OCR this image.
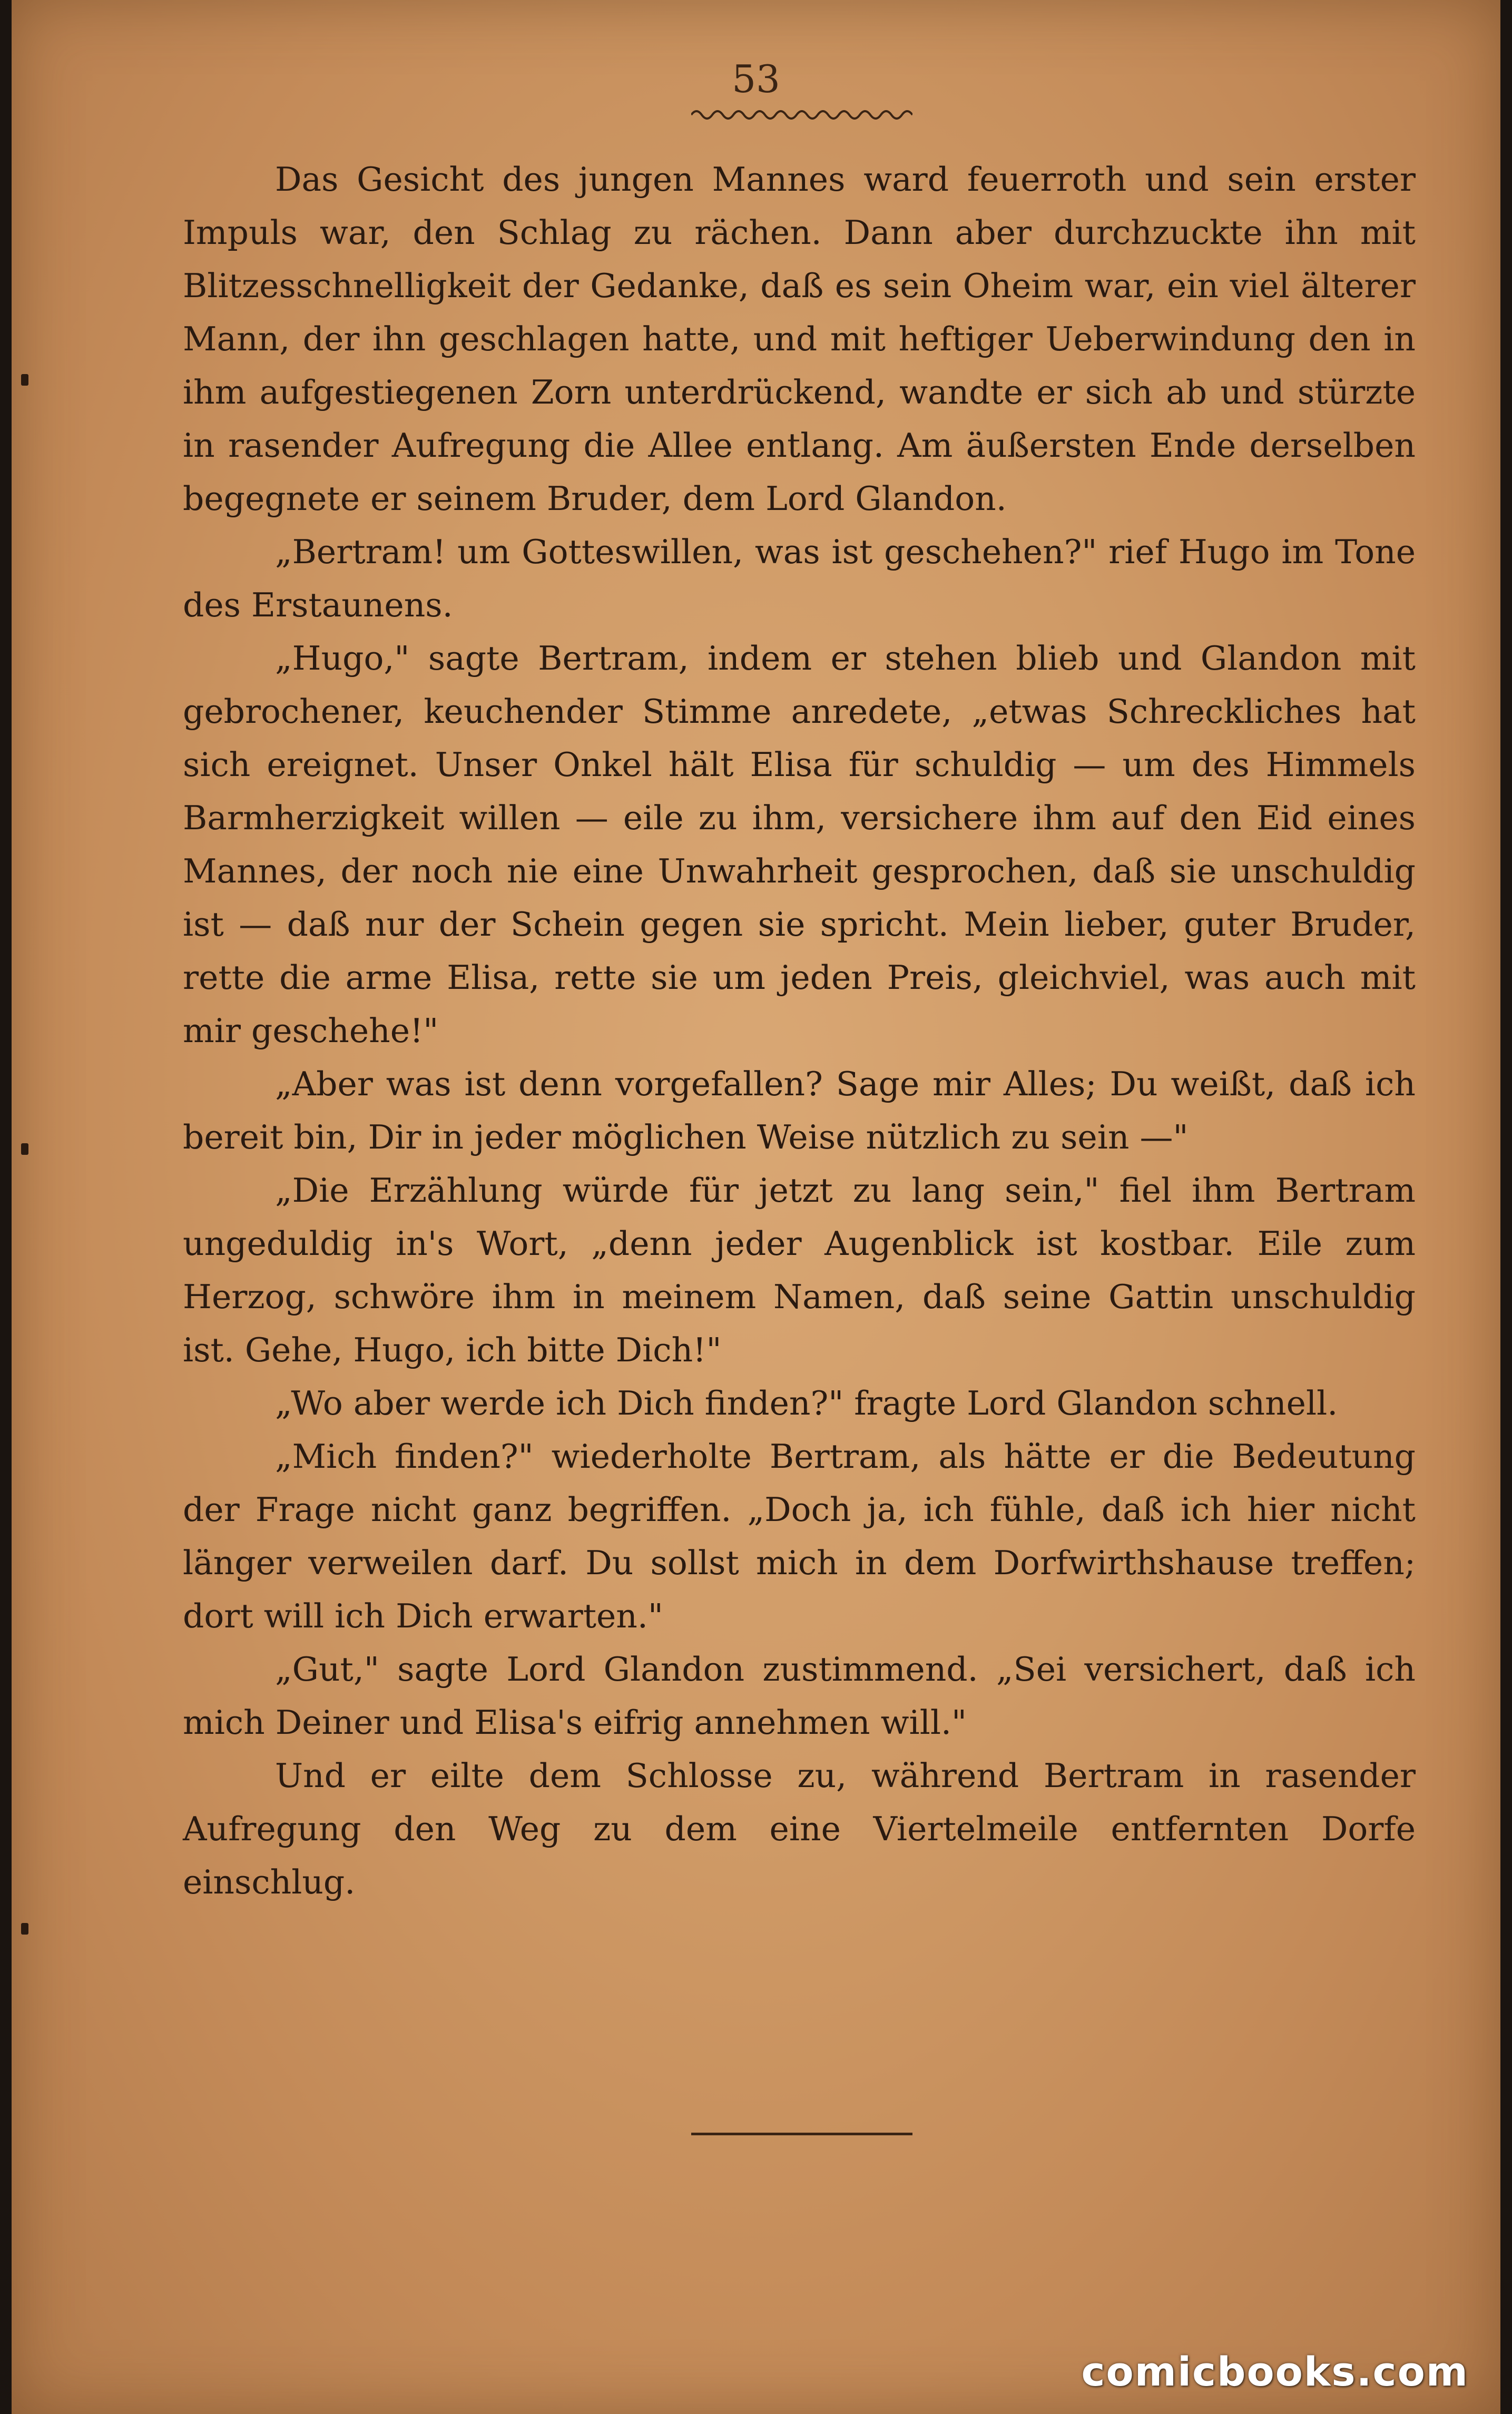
53

Das Gesicht des jungen Mannes ward feuerroth und sein erster Impuls war, den Schlag zu rächen. Dann aber durchzuckte ihn mit Blitzesschnelligkeit der Gedanke, daß es sein Oheim war, ein viel älterer Mann, der ihn geschlagen hatte, und mit heftiger Ueberwindung den in ihm aufgestiegenen Zorn unterdrückend, wandte er sich ab und stürzte in rasender Aufregung die Allee entlang. Am äußersten Ende derselben begegnete er seinem Bruder, dem Lord Glandon.

„Bertram! um Gotteswillen, was ist geschehen?" rief Hugo im Tone des Erstaunens.

„Hugo," sagte Bertram, indem er stehen blieb und Glandon mit gebrochener, keuchender Stimme anredete, „etwas Schreckliches hat sich ereignet. Unser Onkel hält Elisa für schuldig — um des Himmels Barmherzigkeit willen — eile zu ihm, versichere ihm auf den Eid eines Mannes, der noch nie eine Unwahrheit gesprochen, daß sie unschuldig ist — daß nur der Schein gegen sie spricht. Mein lieber, guter Bruder, rette die arme Elisa, rette sie um jeden Preis, gleichviel, was auch mit mir geschehe!"

„Aber was ist denn vorgefallen? Sage mir Alles; Du weißt, daß ich bereit bin, Dir in jeder möglichen Weise nützlich zu sein —"

„Die Erzählung würde für jetzt zu lang sein," fiel ihm Bertram ungeduldig in's Wort, „denn jeder Augenblick ist kostbar. Eile zum Herzog, schwöre ihm in meinem Namen, daß seine Gattin unschuldig ist. Gehe, Hugo, ich bitte Dich!"

„Wo aber werde ich Dich finden?" fragte Lord Glandon schnell.

„Mich finden?" wiederholte Bertram, als hätte er die Bedeutung der Frage nicht ganz begriffen. „Doch ja, ich fühle, daß ich hier nicht länger verweilen darf. Du sollst mich in dem Dorfwirthshause treffen; dort will ich Dich erwarten."

„Gut," sagte Lord Glandon zustimmend. „Sei versichert, daß ich mich Deiner und Elisa's eifrig annehmen will."

Und er eilte dem Schlosse zu, während Bertram in rasender Aufregung den Weg zu dem eine Viertelmeile entfernten Dorfe einschlug.

comicbooks.com
